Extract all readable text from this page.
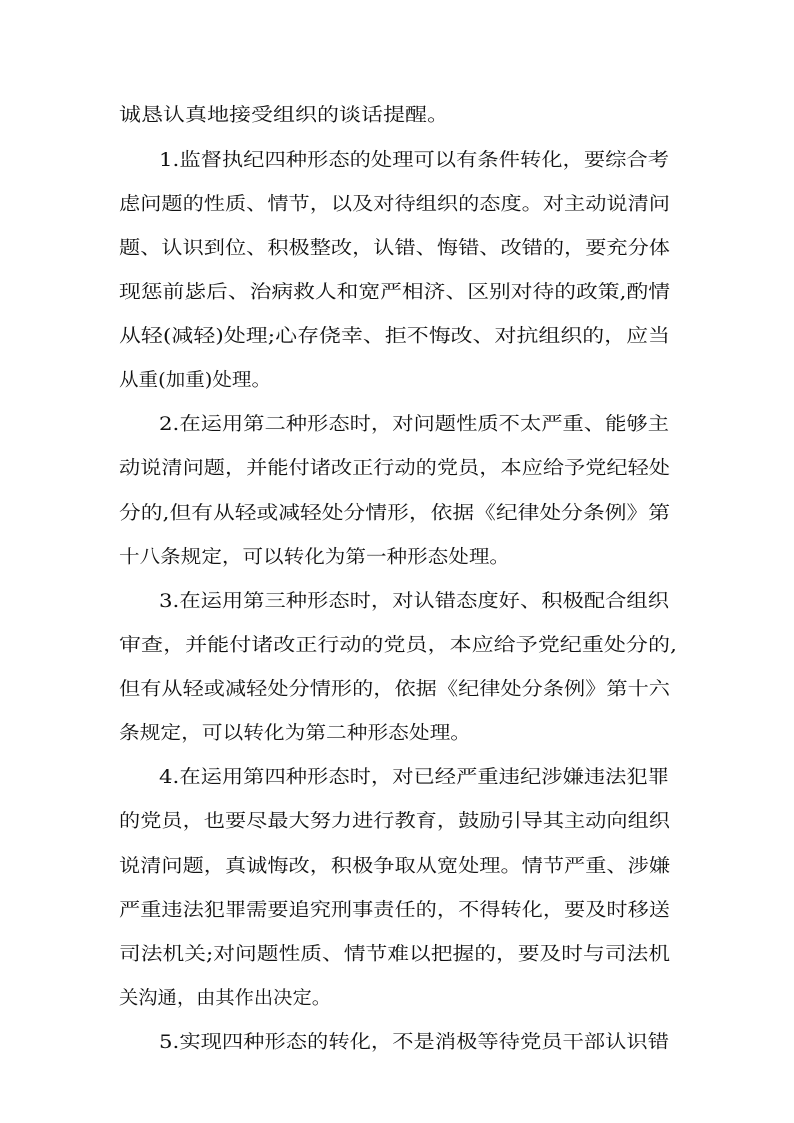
诚恳认真地接受组织的谈话提醒。
1.监督执纪四种形态的处理可以有条件转化，要综合考
虑问题的性质、情节，以及对待组织的态度。对主动说清问
题、认识到位、积极整改，认错、悔错、改错的，要充分体
现惩前毖后、治病救人和宽严相济、区别对待的政策,酌情
从轻(减轻)处理;心存侥幸、拒不悔改、对抗组织的，应当
从重(加重)处理。
2.在运用第二种形态时，对问题性质不太严重、能够主
动说清问题，并能付诸改正行动的党员，本应给予党纪轻处
分的,但有从轻或减轻处分情形，依据《纪律处分条例》第
十八条规定，可以转化为第一种形态处理。
3.在运用第三种形态时，对认错态度好、积极配合组织
审查，并能付诸改正行动的党员，本应给予党纪重处分的,
但有从轻或减轻处分情形的，依据《纪律处分条例》第十六
条规定，可以转化为第二种形态处理。
4.在运用第四种形态时，对已经严重违纪涉嫌违法犯罪
的党员，也要尽最大努力进行教育，鼓励引导其主动向组织
说清问题，真诚悔改，积极争取从宽处理。情节严重、涉嫌
严重违法犯罪需要追究刑事责任的，不得转化，要及时移送
司法机关;对问题性质、情节难以把握的，要及时与司法机
关沟通，由其作出决定。
5.实现四种形态的转化，不是消极等待党员干部认识错
